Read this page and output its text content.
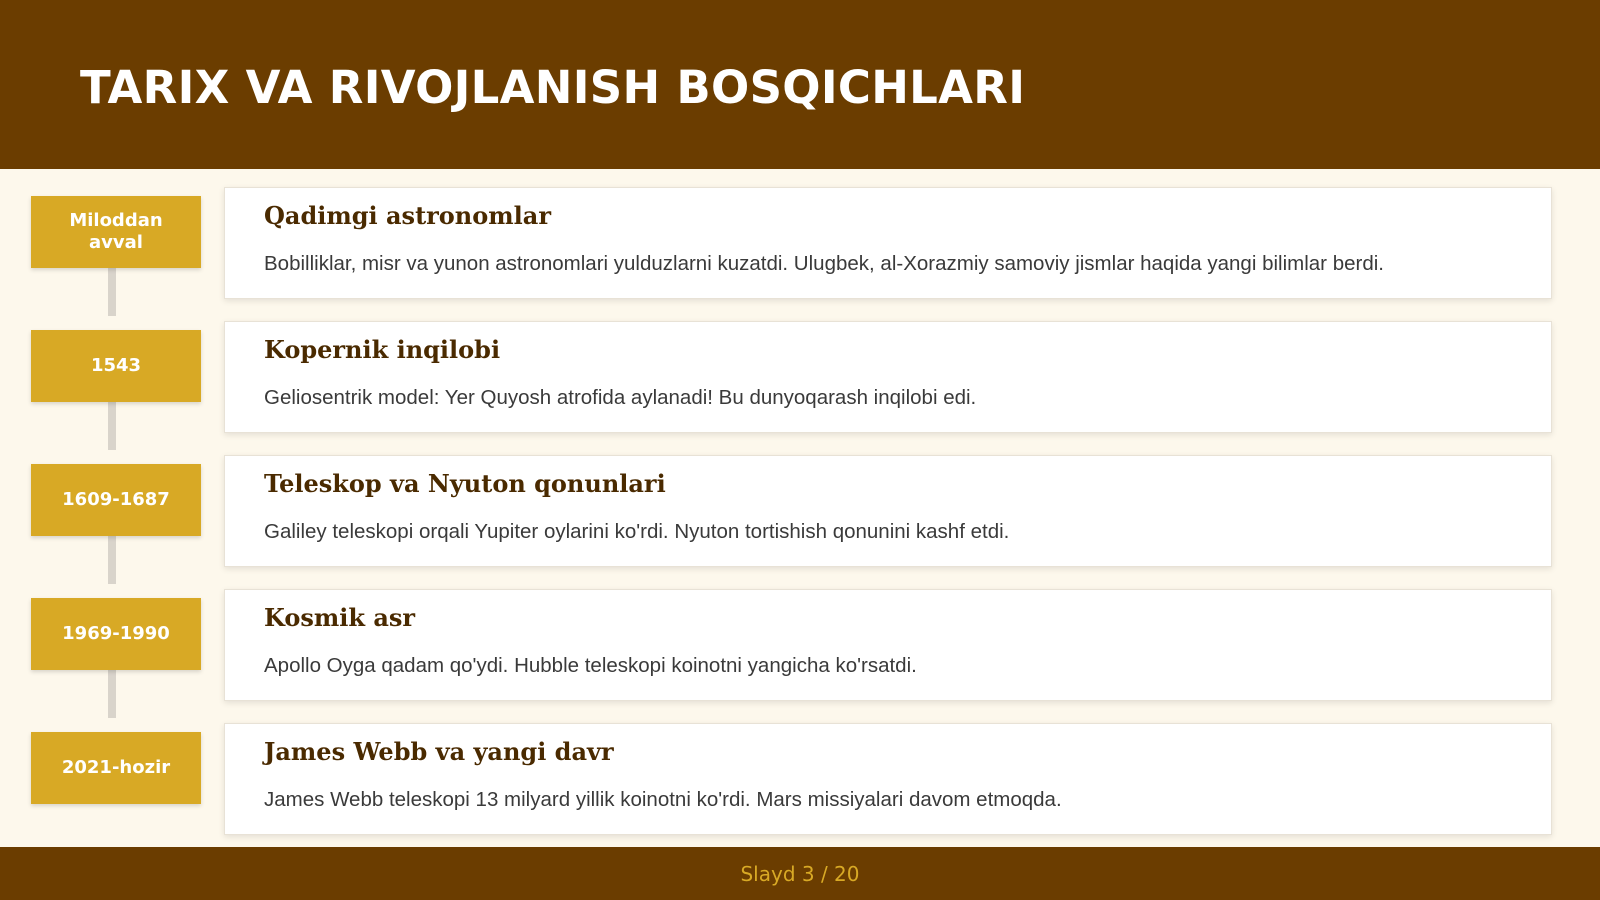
TARIX VA RIVOJLANISH BOSQICHLARI
Miloddan avval
Qadimgi astronomlar

Bobilliklar, misr va yunon astronomlari yulduzlarni kuzatdi. Ulugbek, al-Xorazmiy samoviy jismlar haqida yangi bilimlar berdi.

1543
Kopernik inqilobi

Geliosentrik model: Yer Quyosh atrofida aylanadi! Bu dunyoqarash inqilobi edi.

1609-1687
Teleskop va Nyuton qonunlari

Galiley teleskopi orqali Yupiter oylarini ko'rdi. Nyuton tortishish qonunini kashf etdi.

1969-1990
Kosmik asr

Apollo Oyga qadam qo'ydi. Hubble teleskopi koinotni yangicha ko'rsatdi.

2021-hozir
James Webb va yangi davr

James Webb teleskopi 13 milyard yillik koinotni ko'rdi. Mars missiyalari davom etmoqda.

Slayd 3 / 20
